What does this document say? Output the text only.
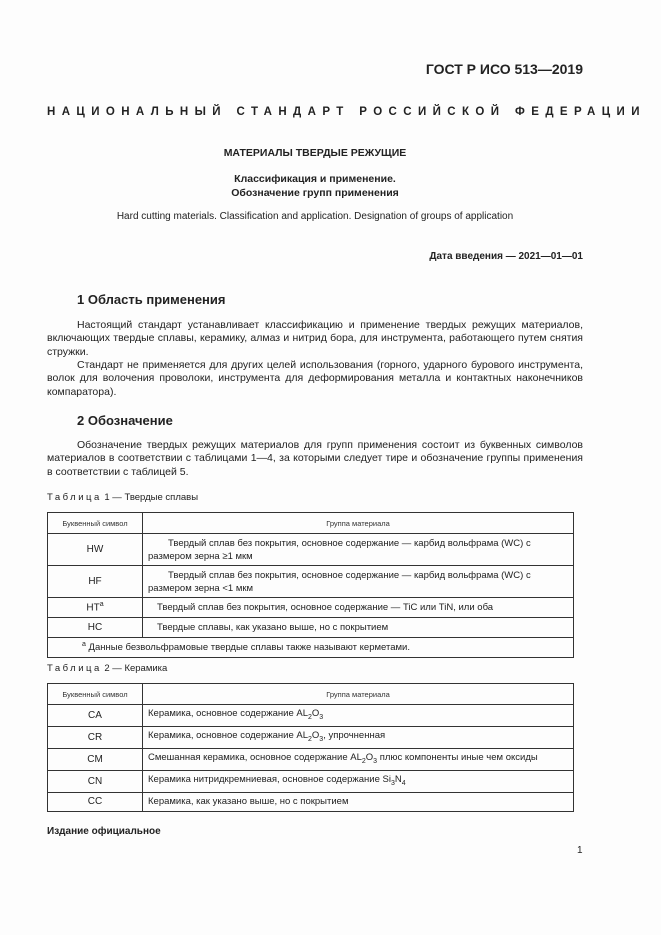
ГОСТ Р ИСО 513—2019
НАЦИОНАЛЬНЫЙ СТАНДАРТ РОССИЙСКОЙ ФЕДЕРАЦИИ
МАТЕРИАЛЫ ТВЕРДЫЕ РЕЖУЩИЕ
Классификация и применение.
Обозначение групп применения
Hard cutting materials. Classification and application. Designation of groups of application
Дата введения — 2021—01—01
1 Область применения

Настоящий стандарт устанавливает классификацию и применение твердых режущих материалов, включающих твердые сплавы, керамику, алмаз и нитрид бора, для инструмента, работающего путем снятия стружки.

Стандарт не применяется для других целей использования (горного, ударного бурового инструмента, волок для волочения проволоки, инструмента для деформирования металла и контактных наконечников компаратора).

2 Обозначение

Обозначение твердых режущих материалов для групп применения состоит из буквенных символов материалов в соответствии с таблицами 1—4, за которыми следует тире и обозначение группы применения в соответствии с таблицей 5.

Таблица 1 — Твердые сплавы
Буквенный символ	Группа материала
HW	Твердый сплав без покрытия, основное содержание — карбид вольфрама (WC) с размером зерна ≥1 мкм
HF	Твердый сплав без покрытия, основное содержание — карбид вольфрама (WC) с размером зерна <1 мкм
$HT^a$	Твердый сплав без покрытия, основное содержание — TiC или TiN, или оба
HC	Твердые сплавы, как указано выше, но с покрытием
$^a$ Данные безвольфрамовые твердые сплавы также называют керметами.	
Таблица 2 — Керамика
Буквенный символ	Группа материала
CA	Керамика, основное содержание $AL_2O_3$
CR	Керамика, основное содержание $AL_2O_3$, упрочненная
CM	Смешанная керамика, основное содержание $AL_2O_3$ плюс компоненты иные чем оксиды
CN	Керамика нитридкремниевая, основное содержание $Si_3N_4$
CC	Керамика, как указано выше, но с покрытием
Издание официальное
1
